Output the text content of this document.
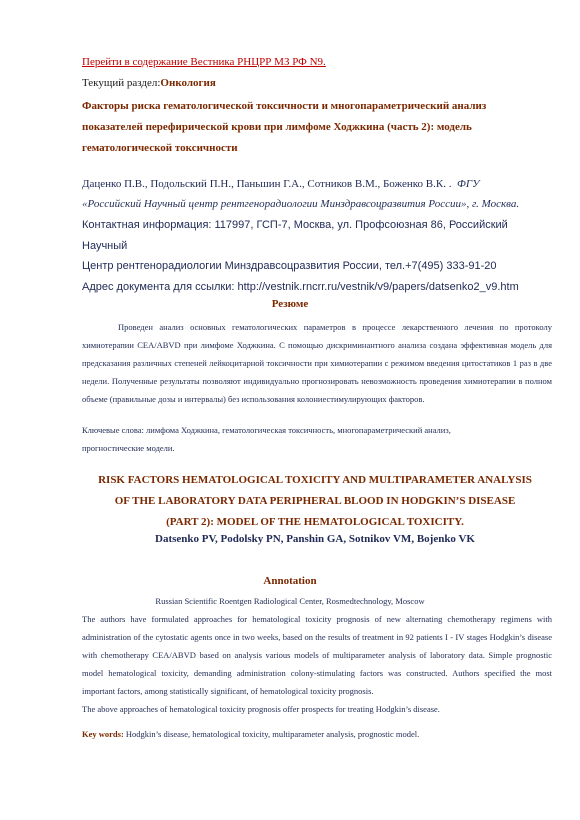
Перейти в содержание Вестника РНЦРР МЗ РФ N9.
Текущий раздел:Онкология
Факторы риска гематологической токсичности и многопараметрический анализ
показателей перефирической крови при лимфоме Ходжкина (часть 2): модель
гематологической токсичности
Даценко П.В., Подольский П.Н., Паньшин Г.А., Сотников В.М., Боженко В.К. . ФГУ
«Российский Научный центр рентгенорадиологии Минздравсоцразвития России», г. Москва.
Контактная информация: 117997, ГСП-7, Москва, ул. Профсоюзная 86, Российский Научный
Центр рентгенорадиологии Минздравсоцразвития России, тел.+7(495) 333-91-20
Адрес документа для ссылки: http://vestnik.rncrr.ru/vestnik/v9/papers/datsenko2_v9.htm
Резюме

Проведен анализ основных гематологических параметров в процессе лекарственного лечения по протоколу химиотерапии CEA/ABVD при лимфоме Ходжкина. С помощью дискриминантного анализа создана эффективная модель для предсказания различных степеней лейкоцитарной токсичности при химиотерапии с режимом введения цитостатиков 1 раз в две недели. Полученные результаты позволяют индивидуально прогнозировать невозможность проведения химиотерапии в полном объеме (правильные дозы и интервалы) без использования колониестимулирующих факторов.

Ключевые слова: лимфома Ходжкина, гематологическая токсичность, многопараметрический анализ,
прогностические модели.
RISK FACTORS HEMATOLOGICAL TOXICITY AND MULTIPARAMETER ANALYSIS
OF THE LABORATORY DATA PERIPHERAL BLOOD IN HODGKIN’S DISEASE
(PART 2): MODEL OF THE HEMATOLOGICAL TOXICITY.
Datsenko PV, Podolsky PN, Panshin GA, Sotnikov VM, Bojenko VK
Annotation
Russian Scientific Roentgen Radiological Center, Rosmedtechnology, Moscow

The authors have formulated approaches for hematological toxicity prognosis of new alternating chemotherapy regimens with administration of the cytostatic agents once in two weeks, based on the results of treatment in 92 patients I - IV stages Hodgkin’s disease with chemotherapy CEA/ABVD based on analysis various models of multiparameter analysis of laboratory data. Simple prognostic model hematological toxicity, demanding administration colony-stimulating factors was constructed. Authors specified the most important factors, among statistically significant, of hematological toxicity prognosis.

The above approaches of hematological toxicity prognosis offer prospects for treating Hodgkin’s disease.

Key words: Hodgkin’s disease, hematological toxicity, multiparameter analysis, prognostic model.
